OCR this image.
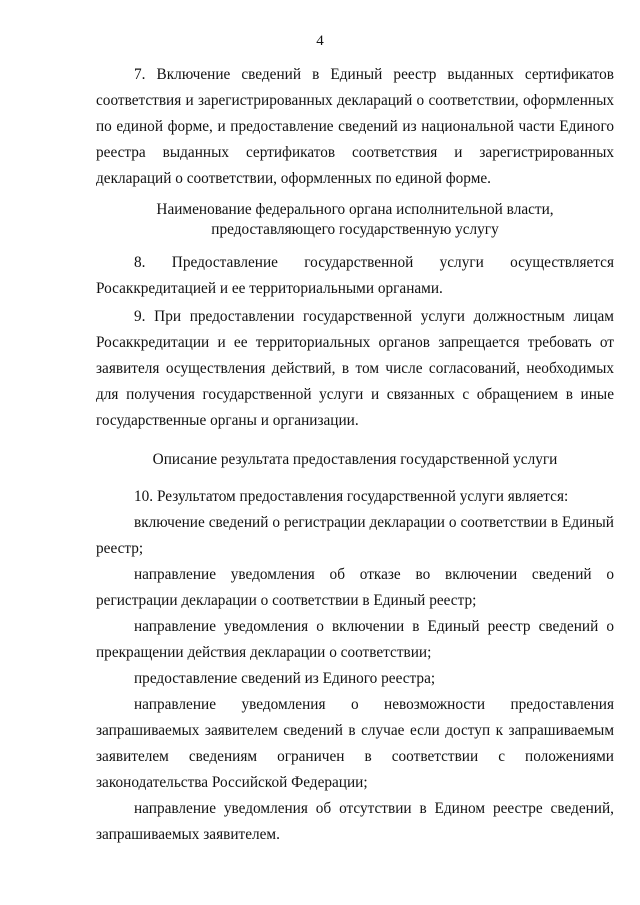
4

7. Включение сведений в Единый реестр выданных сертификатов соответствия и зарегистрированных деклараций о соответствии, оформленных по единой форме, и предоставление сведений из национальной части Единого реестра выданных сертификатов соответствия и зарегистрированных деклараций о соответствии, оформленных по единой форме.

Наименование федерального органа исполнительной власти,
предоставляющего государственную услугу

8. Предоставление государственной услуги осуществляется Росаккредитацией и ее территориальными органами.

9. При предоставлении государственной услуги должностным лицам Росаккредитации и ее территориальных органов запрещается требовать от заявителя осуществления действий, в том числе согласований, необходимых для получения государственной услуги и связанных с обращением в иные государственные органы и организации.

Описание результата предоставления государственной услуги

10. Результатом предоставления государственной услуги является:

включение сведений о регистрации декларации о соответствии в Единый реестр;

направление уведомления об отказе во включении сведений о регистрации декларации о соответствии в Единый реестр;

направление уведомления о включении в Единый реестр сведений о прекращении действия декларации о соответствии;

предоставление сведений из Единого реестра;

направление уведомления о невозможности предоставления запрашиваемых заявителем сведений в случае если доступ к запрашиваемым заявителем сведениям ограничен в соответствии с положениями законодательства Российской Федерации;

направление уведомления об отсутствии в Едином реестре сведений, запрашиваемых заявителем.
